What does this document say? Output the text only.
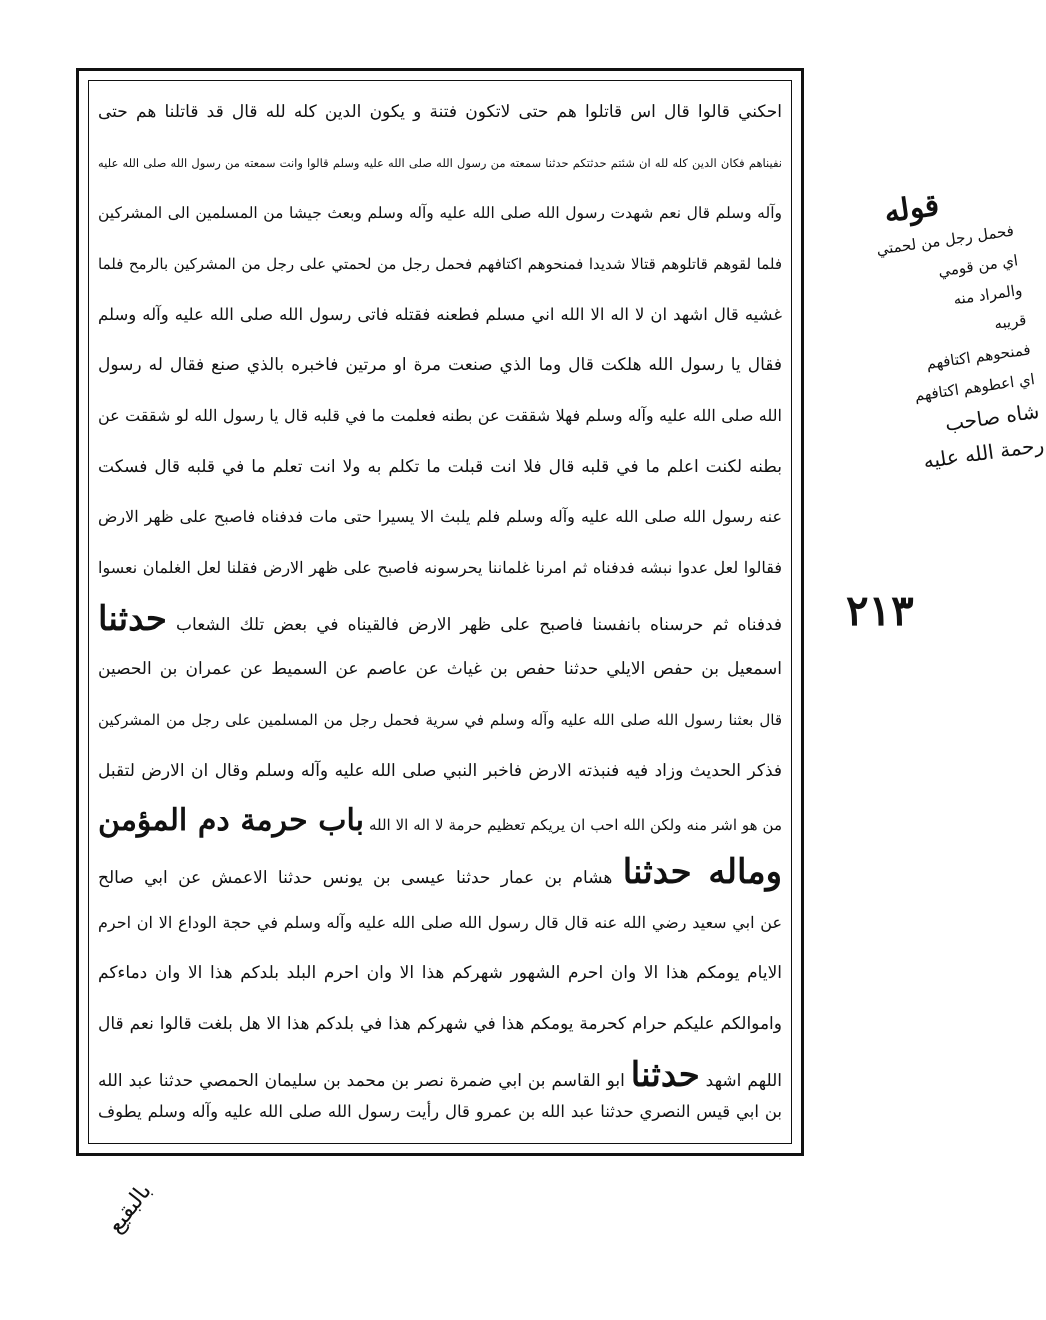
احكني قالوا قال اس قاتلوا هم حتى لاتكون فتنة و يكون الدين كله لله قال قد قاتلنا هم حتى
نفيناهم فكان الدين كله لله ان شئتم حدثتكم حدثنا سمعته من رسول الله صلى الله عليه وسلم قالوا وانت سمعته من رسول الله صلى الله عليه
وآله وسلم قال نعم شهدت رسول الله صلى الله عليه وآله وسلم وبعث جيشا من المسلمين الى المشركين
فلما لقوهم قاتلوهم قتالا شديدا فمنحوهم اكتافهم فحمل رجل من لحمتي على رجل من المشركين بالرمح فلما
غشيه قال اشهد ان لا اله الا الله اني مسلم فطعنه فقتله فاتى رسول الله صلى الله عليه وآله وسلم
فقال يا رسول الله هلكت قال وما الذي صنعت مرة او مرتين فاخبره بالذي صنع فقال له رسول
الله صلى الله عليه وآله وسلم فهلا شققت عن بطنه فعلمت ما في قلبه قال يا رسول الله لو شققت عن
بطنه لكنت اعلم ما في قلبه قال فلا انت قبلت ما تكلم به ولا انت تعلم ما في قلبه قال فسكت
عنه رسول الله صلى الله عليه وآله وسلم فلم يلبث الا يسيرا حتى مات فدفناه فاصبح على ظهر الارض
فقالوا لعل عدوا نبشه فدفناه ثم امرنا غلماننا يحرسونه فاصبح على ظهر الارض فقلنا لعل الغلمان نعسوا
فدفناه ثم حرسناه بانفسنا فاصبح على ظهر الارض فالقيناه في بعض تلك الشعاب حدثنا
اسمعيل بن حفص الايلي حدثنا حفص بن غياث عن عاصم عن السميط عن عمران بن الحصين
قال بعثنا رسول الله صلى الله عليه وآله وسلم في سرية فحمل رجل من المسلمين على رجل من المشركين
فذكر الحديث وزاد فيه فنبذته الارض فاخبر النبي صلى الله عليه وآله وسلم وقال ان الارض لتقبل
من هو اشر منه ولكن الله احب ان يريكم تعظيم حرمة لا اله الا الله باب حرمة دم المؤمن
وماله حدثنا هشام بن عمار حدثنا عيسى بن يونس حدثنا الاعمش عن ابي صالح
عن ابي سعيد رضي الله عنه قال قال رسول الله صلى الله عليه وآله وسلم في حجة الوداع الا ان احرم
الايام يومكم هذا الا وان احرم الشهور شهركم هذا الا وان احرم البلد بلدكم هذا الا وان دماءكم
واموالكم عليكم حرام كحرمة يومكم هذا في شهركم هذا في بلدكم هذا الا هل بلغت قالوا نعم قال
اللهم اشهد حدثنا ابو القاسم بن ابي ضمرة نصر بن محمد بن سليمان الحمصي حدثنا عبد الله
بن ابي قيس النصري حدثنا عبد الله بن عمرو قال رأيت رسول الله صلى الله عليه وآله وسلم يطوف
قوله
فحمل رجل من لحمتي
اي من قومي
والمراد منه
قريبه
فمنحوهم اكتافهم
اي اعطوهم اكتافهم
شاه صاحب
رحمة الله عليه
٢١٣
بالبقيع
